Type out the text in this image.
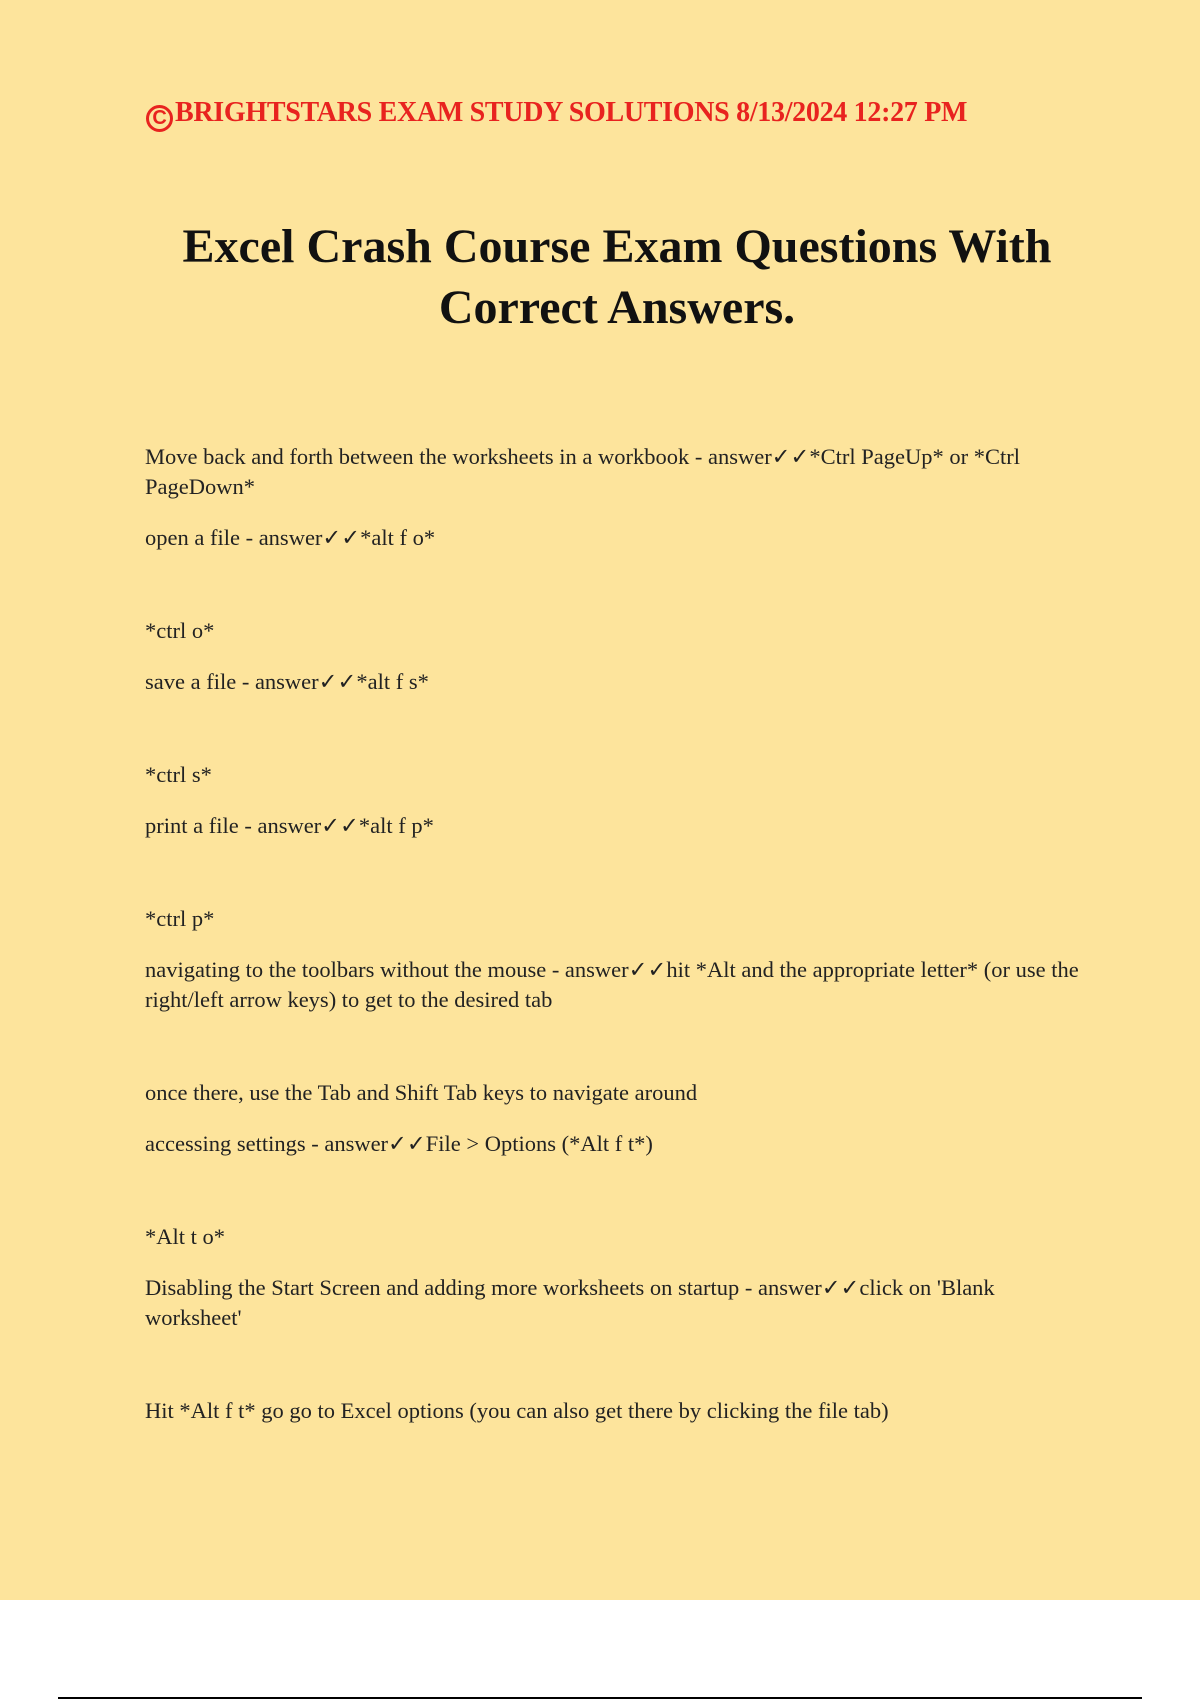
C BRIGHTSTARS EXAM STUDY SOLUTIONS 8/13/2024 12:27 PM
Excel Crash Course Exam Questions With
Correct Answers.

Move back and forth between the worksheets in a workbook - answer✓✓*Ctrl PageUp* or *Ctrl PageDown*

open a file - answer✓✓*alt f o*

*ctrl o*

save a file - answer✓✓*alt f s*

*ctrl s*

print a file - answer✓✓*alt f p*

*ctrl p*

navigating to the toolbars without the mouse - answer✓✓hit *Alt and the appropriate letter* (or use the right/left arrow keys) to get to the desired tab

once there, use the Tab and Shift Tab keys to navigate around

accessing settings - answer✓✓File > Options (*Alt f t*)

*Alt t o*

Disabling the Start Screen and adding more worksheets on startup - answer✓✓click on 'Blank worksheet'

Hit *Alt f t* go go to Excel options (you can also get there by clicking the file tab)
